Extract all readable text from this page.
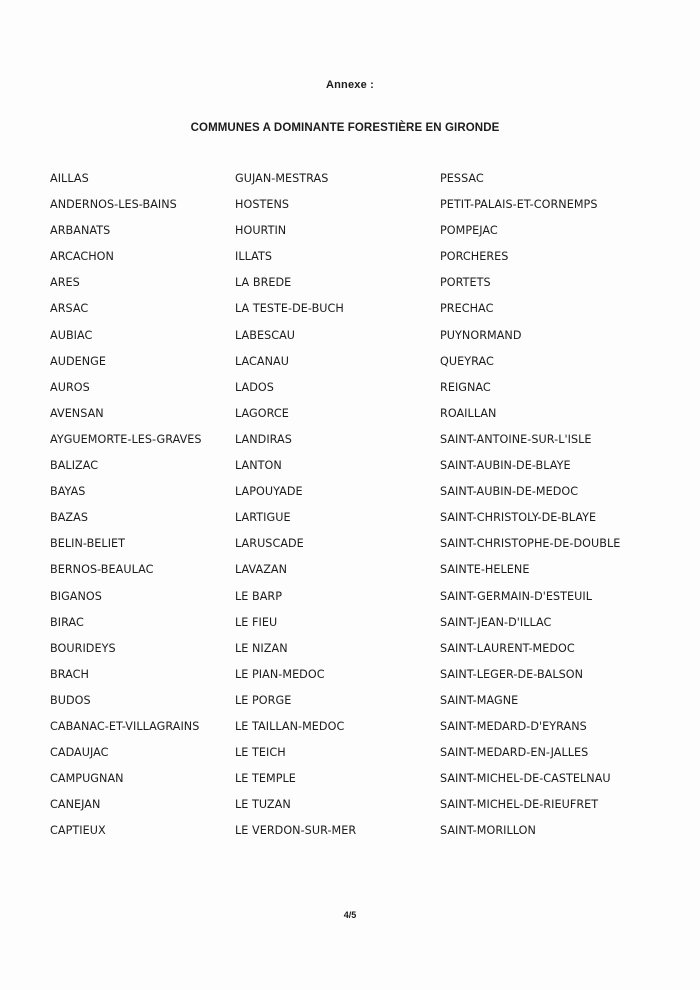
Annexe :
COMMUNES A DOMINANTE FORESTIÈRE EN GIRONDE
AILLAS
ANDERNOS-LES-BAINS
ARBANATS
ARCACHON
ARES
ARSAC
AUBIAC
AUDENGE
AUROS
AVENSAN
AYGUEMORTE-LES-GRAVES
BALIZAC
BAYAS
BAZAS
BELIN-BELIET
BERNOS-BEAULAC
BIGANOS
BIRAC
BOURIDEYS
BRACH
BUDOS
CABANAC-ET-VILLAGRAINS
CADAUJAC
CAMPUGNAN
CANEJAN
CAPTIEUX
GUJAN-MESTRAS
HOSTENS
HOURTIN
ILLATS
LA BREDE
LA TESTE-DE-BUCH
LABESCAU
LACANAU
LADOS
LAGORCE
LANDIRAS
LANTON
LAPOUYADE
LARTIGUE
LARUSCADE
LAVAZAN
LE BARP
LE FIEU
LE NIZAN
LE PIAN-MEDOC
LE PORGE
LE TAILLAN-MEDOC
LE TEICH
LE TEMPLE
LE TUZAN
LE VERDON-SUR-MER
PESSAC
PETIT-PALAIS-ET-CORNEMPS
POMPEJAC
PORCHERES
PORTETS
PRECHAC
PUYNORMAND
QUEYRAC
REIGNAC
ROAILLAN
SAINT-ANTOINE-SUR-L'ISLE
SAINT-AUBIN-DE-BLAYE
SAINT-AUBIN-DE-MEDOC
SAINT-CHRISTOLY-DE-BLAYE
SAINT-CHRISTOPHE-DE-DOUBLE
SAINTE-HELENE
SAINT-GERMAIN-D'ESTEUIL
SAINT-JEAN-D'ILLAC
SAINT-LAURENT-MEDOC
SAINT-LEGER-DE-BALSON
SAINT-MAGNE
SAINT-MEDARD-D'EYRANS
SAINT-MEDARD-EN-JALLES
SAINT-MICHEL-DE-CASTELNAU
SAINT-MICHEL-DE-RIEUFRET
SAINT-MORILLON
4/5
